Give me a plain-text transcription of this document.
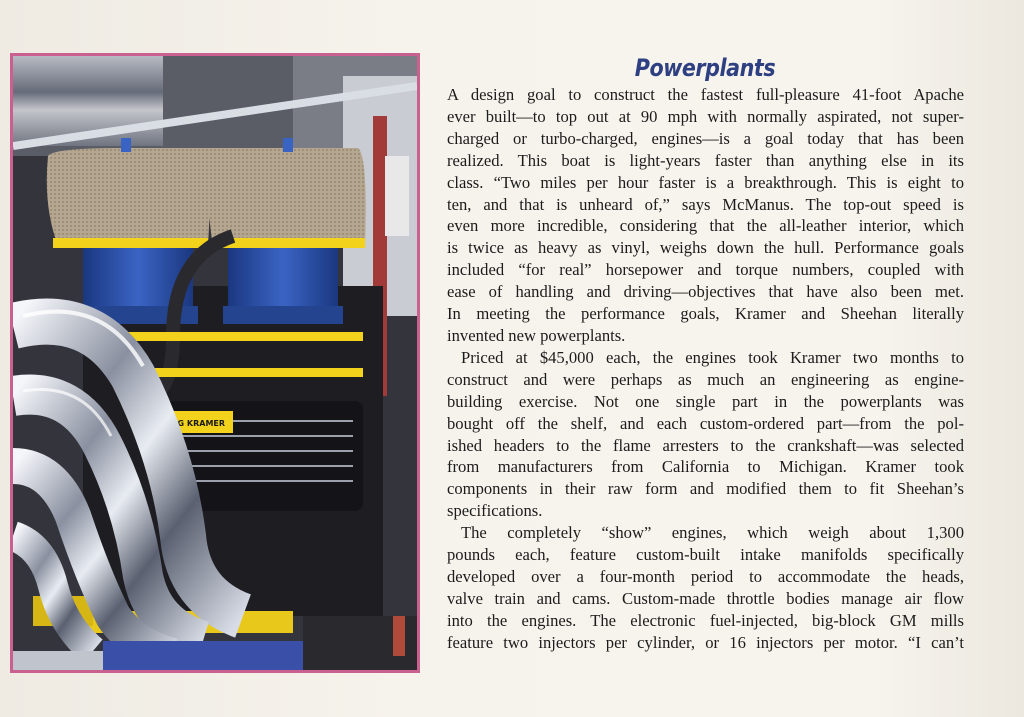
GG KRAMER
Powerplants

A design goal to construct the fastest full-pleasure 41-foot Apache
ever built—to top out at 90 mph with normally aspirated, not super-
charged or turbo-charged, engines—is a goal today that has been
realized. This boat is light-years faster than anything else in its
class. “Two miles per hour faster is a breakthrough. This is eight to
ten, and that is unheard of,” says McManus. The top-out speed is
even more incredible, considering that the all-leather interior, which
is twice as heavy as vinyl, weighs down the hull. Performance goals
included “for real” horsepower and torque numbers, coupled with
ease of handling and driving—objectives that have also been met.
In meeting the performance goals, Kramer and Sheehan literally
invented new powerplants.

Priced at $45,000 each, the engines took Kramer two months to
construct and were perhaps as much an engineering as engine-
building exercise. Not one single part in the powerplants was
bought off the shelf, and each custom-ordered part—from the pol-
ished headers to the flame arresters to the crankshaft—was selected
from manufacturers from California to Michigan. Kramer took
components in their raw form and modified them to fit Sheehan’s
specifications.

The completely “show” engines, which weigh about 1,300
pounds each, feature custom-built intake manifolds specifically
developed over a four-month period to accommodate the heads,
valve train and cams. Custom-made throttle bodies manage air flow
into the engines. The electronic fuel-injected, big-block GM mills
feature two injectors per cylinder, or 16 injectors per motor. “I can’t
